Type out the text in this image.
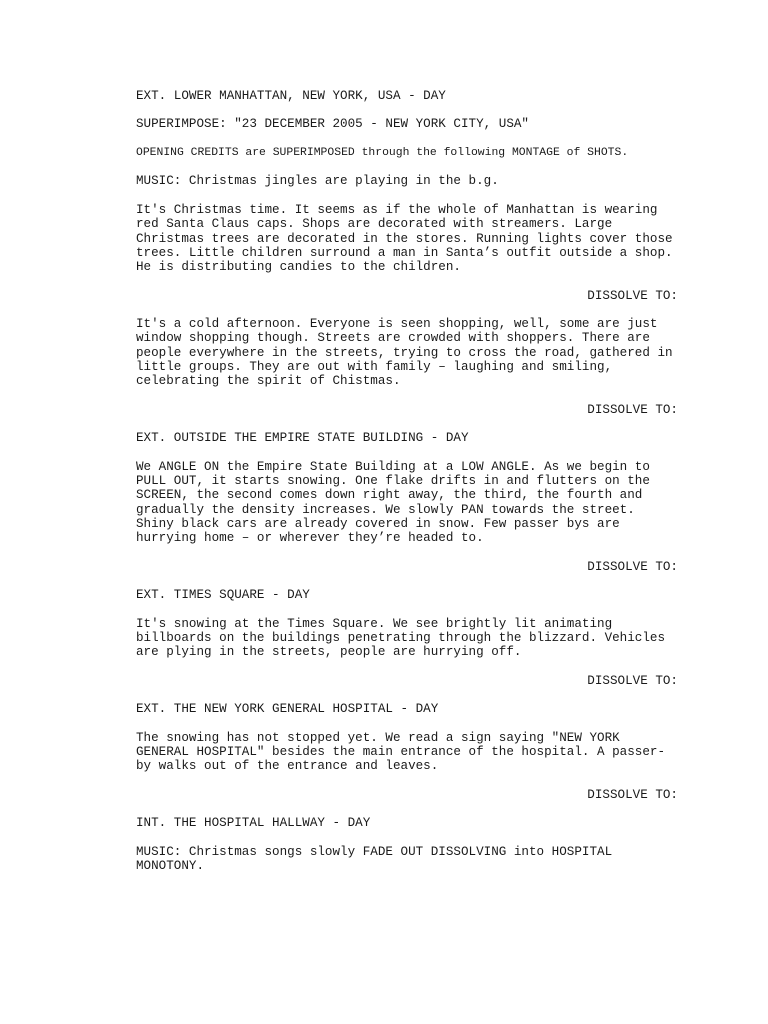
EXT. LOWER MANHATTAN, NEW YORK, USA - DAY
SUPERIMPOSE: "23 DECEMBER 2005 - NEW YORK CITY, USA"
OPENING CREDITS are SUPERIMPOSED through the following MONTAGE of SHOTS.
MUSIC: Christmas jingles are playing in the b.g.
It's Christmas time. It seems as if the whole of Manhattan is wearing
red Santa Claus caps. Shops are decorated with streamers. Large
Christmas trees are decorated in the stores. Running lights cover those
trees. Little children surround a man in Santa’s outfit outside a shop.
He is distributing candies to the children.
DISSOLVE TO:
It's a cold afternoon. Everyone is seen shopping, well, some are just
window shopping though. Streets are crowded with shoppers. There are
people everywhere in the streets, trying to cross the road, gathered in
little groups. They are out with family – laughing and smiling,
celebrating the spirit of Chistmas.
DISSOLVE TO:
EXT. OUTSIDE THE EMPIRE STATE BUILDING - DAY
We ANGLE ON the Empire State Building at a LOW ANGLE. As we begin to
PULL OUT, it starts snowing. One flake drifts in and flutters on the
SCREEN, the second comes down right away, the third, the fourth and
gradually the density increases. We slowly PAN towards the street.
Shiny black cars are already covered in snow. Few passer bys are
hurrying home – or wherever they’re headed to.
DISSOLVE TO:
EXT. TIMES SQUARE - DAY
It's snowing at the Times Square. We see brightly lit animating
billboards on the buildings penetrating through the blizzard. Vehicles
are plying in the streets, people are hurrying off.
DISSOLVE TO:
EXT. THE NEW YORK GENERAL HOSPITAL - DAY
The snowing has not stopped yet. We read a sign saying "NEW YORK
GENERAL HOSPITAL" besides the main entrance of the hospital. A passer-
by walks out of the entrance and leaves.
DISSOLVE TO:
INT. THE HOSPITAL HALLWAY - DAY
MUSIC: Christmas songs slowly FADE OUT DISSOLVING into HOSPITAL
MONOTONY.
